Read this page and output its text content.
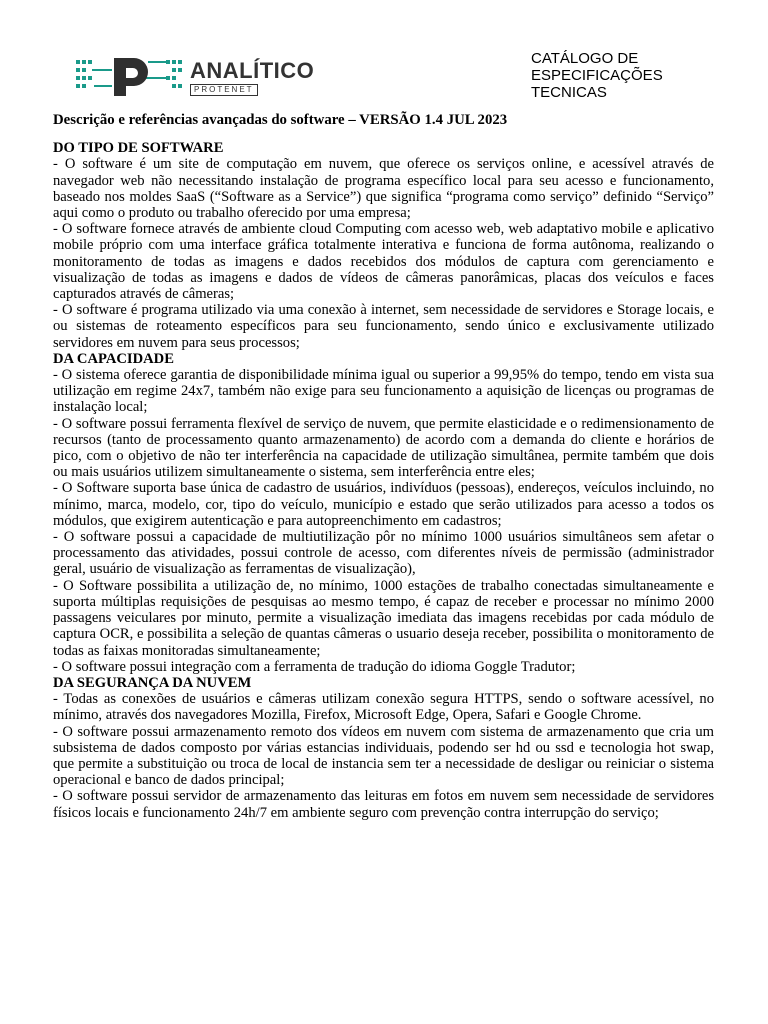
ANALÍTICO
PROTENET
CATÁLOGO DE
ESPECIFICAÇÕES
TECNICAS

Descrição e referências avançadas do software – VERSÃO 1.4 JUL 2023

DO TIPO DE SOFTWARE

- O software é um site de computação em nuvem, que oferece os serviços online, e acessível através de navegador web não necessitando instalação de programa específico local para seu acesso e funcionamento, baseado nos moldes SaaS (“Software as a Service”) que significa “programa como serviço” definido “Serviço” aqui como o produto ou trabalho oferecido por uma empresa;

- O software fornece através de ambiente cloud Computing com acesso web, web adaptativo mobile e aplicativo mobile próprio com uma interface gráfica totalmente interativa e funciona de forma autônoma, realizando o monitoramento de todas as imagens e dados recebidos dos módulos de captura com gerenciamento e visualização de todas as imagens e dados de vídeos de câmeras panorâmicas, placas dos veículos e faces capturados através de câmeras;

- O software é programa utilizado via uma conexão à internet, sem necessidade de servidores e Storage locais, e ou sistemas de roteamento específicos para seu funcionamento, sendo único e exclusivamente utilizado servidores em nuvem para seus processos;

DA CAPACIDADE

- O sistema oferece garantia de disponibilidade mínima igual ou superior a 99,95% do tempo, tendo em vista sua utilização em regime 24x7, também não exige para seu funcionamento a aquisição de licenças ou programas de instalação local;

- O software possui ferramenta flexível de serviço de nuvem, que permite elasticidade e o redimensionamento de recursos (tanto de processamento quanto armazenamento) de acordo com a demanda do cliente e horários de pico, com o objetivo de não ter interferência na capacidade de utilização simultânea, permite também que dois ou mais usuários utilizem simultaneamente o sistema, sem interferência entre eles;

- O Software suporta base única de cadastro de usuários, indivíduos (pessoas), endereços, veículos incluindo, no mínimo, marca, modelo, cor, tipo do veículo, município e estado que serão utilizados para acesso a todos os módulos, que exigirem autenticação e para autopreenchimento em cadastros;

- O software possui a capacidade de multiutilização pôr no mínimo 1000 usuários simultâneos sem afetar o processamento das atividades, possui controle de acesso, com diferentes níveis de permissão (administrador geral, usuário de visualização as ferramentas de visualização),

- O Software possibilita a utilização de, no mínimo, 1000 estações de trabalho conectadas simultaneamente e suporta múltiplas requisições de pesquisas ao mesmo tempo, é capaz de receber e processar no mínimo 2000 passagens veiculares por minuto, permite a visualização imediata das imagens recebidas por cada módulo de captura OCR, e possibilita a seleção de quantas câmeras o usuario deseja receber, possibilita o monitoramento de todas as faixas monitoradas simultaneamente;

- O software possui integração com a ferramenta de tradução do idioma Goggle Tradutor;

DA SEGURANÇA DA NUVEM

- Todas as conexões de usuários e câmeras utilizam conexão segura HTTPS, sendo o software acessível, no mínimo, através dos navegadores Mozilla, Firefox, Microsoft Edge, Opera, Safari e Google Chrome.

- O software possui armazenamento remoto dos vídeos em nuvem com sistema de armazenamento que cria um subsistema de dados composto por várias estancias individuais, podendo ser hd ou ssd e tecnologia hot swap, que permite a substituição ou troca de local de instancia sem ter a necessidade de desligar ou reiniciar o sistema operacional e banco de dados principal;

- O software possui servidor de armazenamento das leituras em fotos em nuvem sem necessidade de servidores físicos locais e funcionamento 24h/7 em ambiente seguro com prevenção contra interrupção do serviço;
